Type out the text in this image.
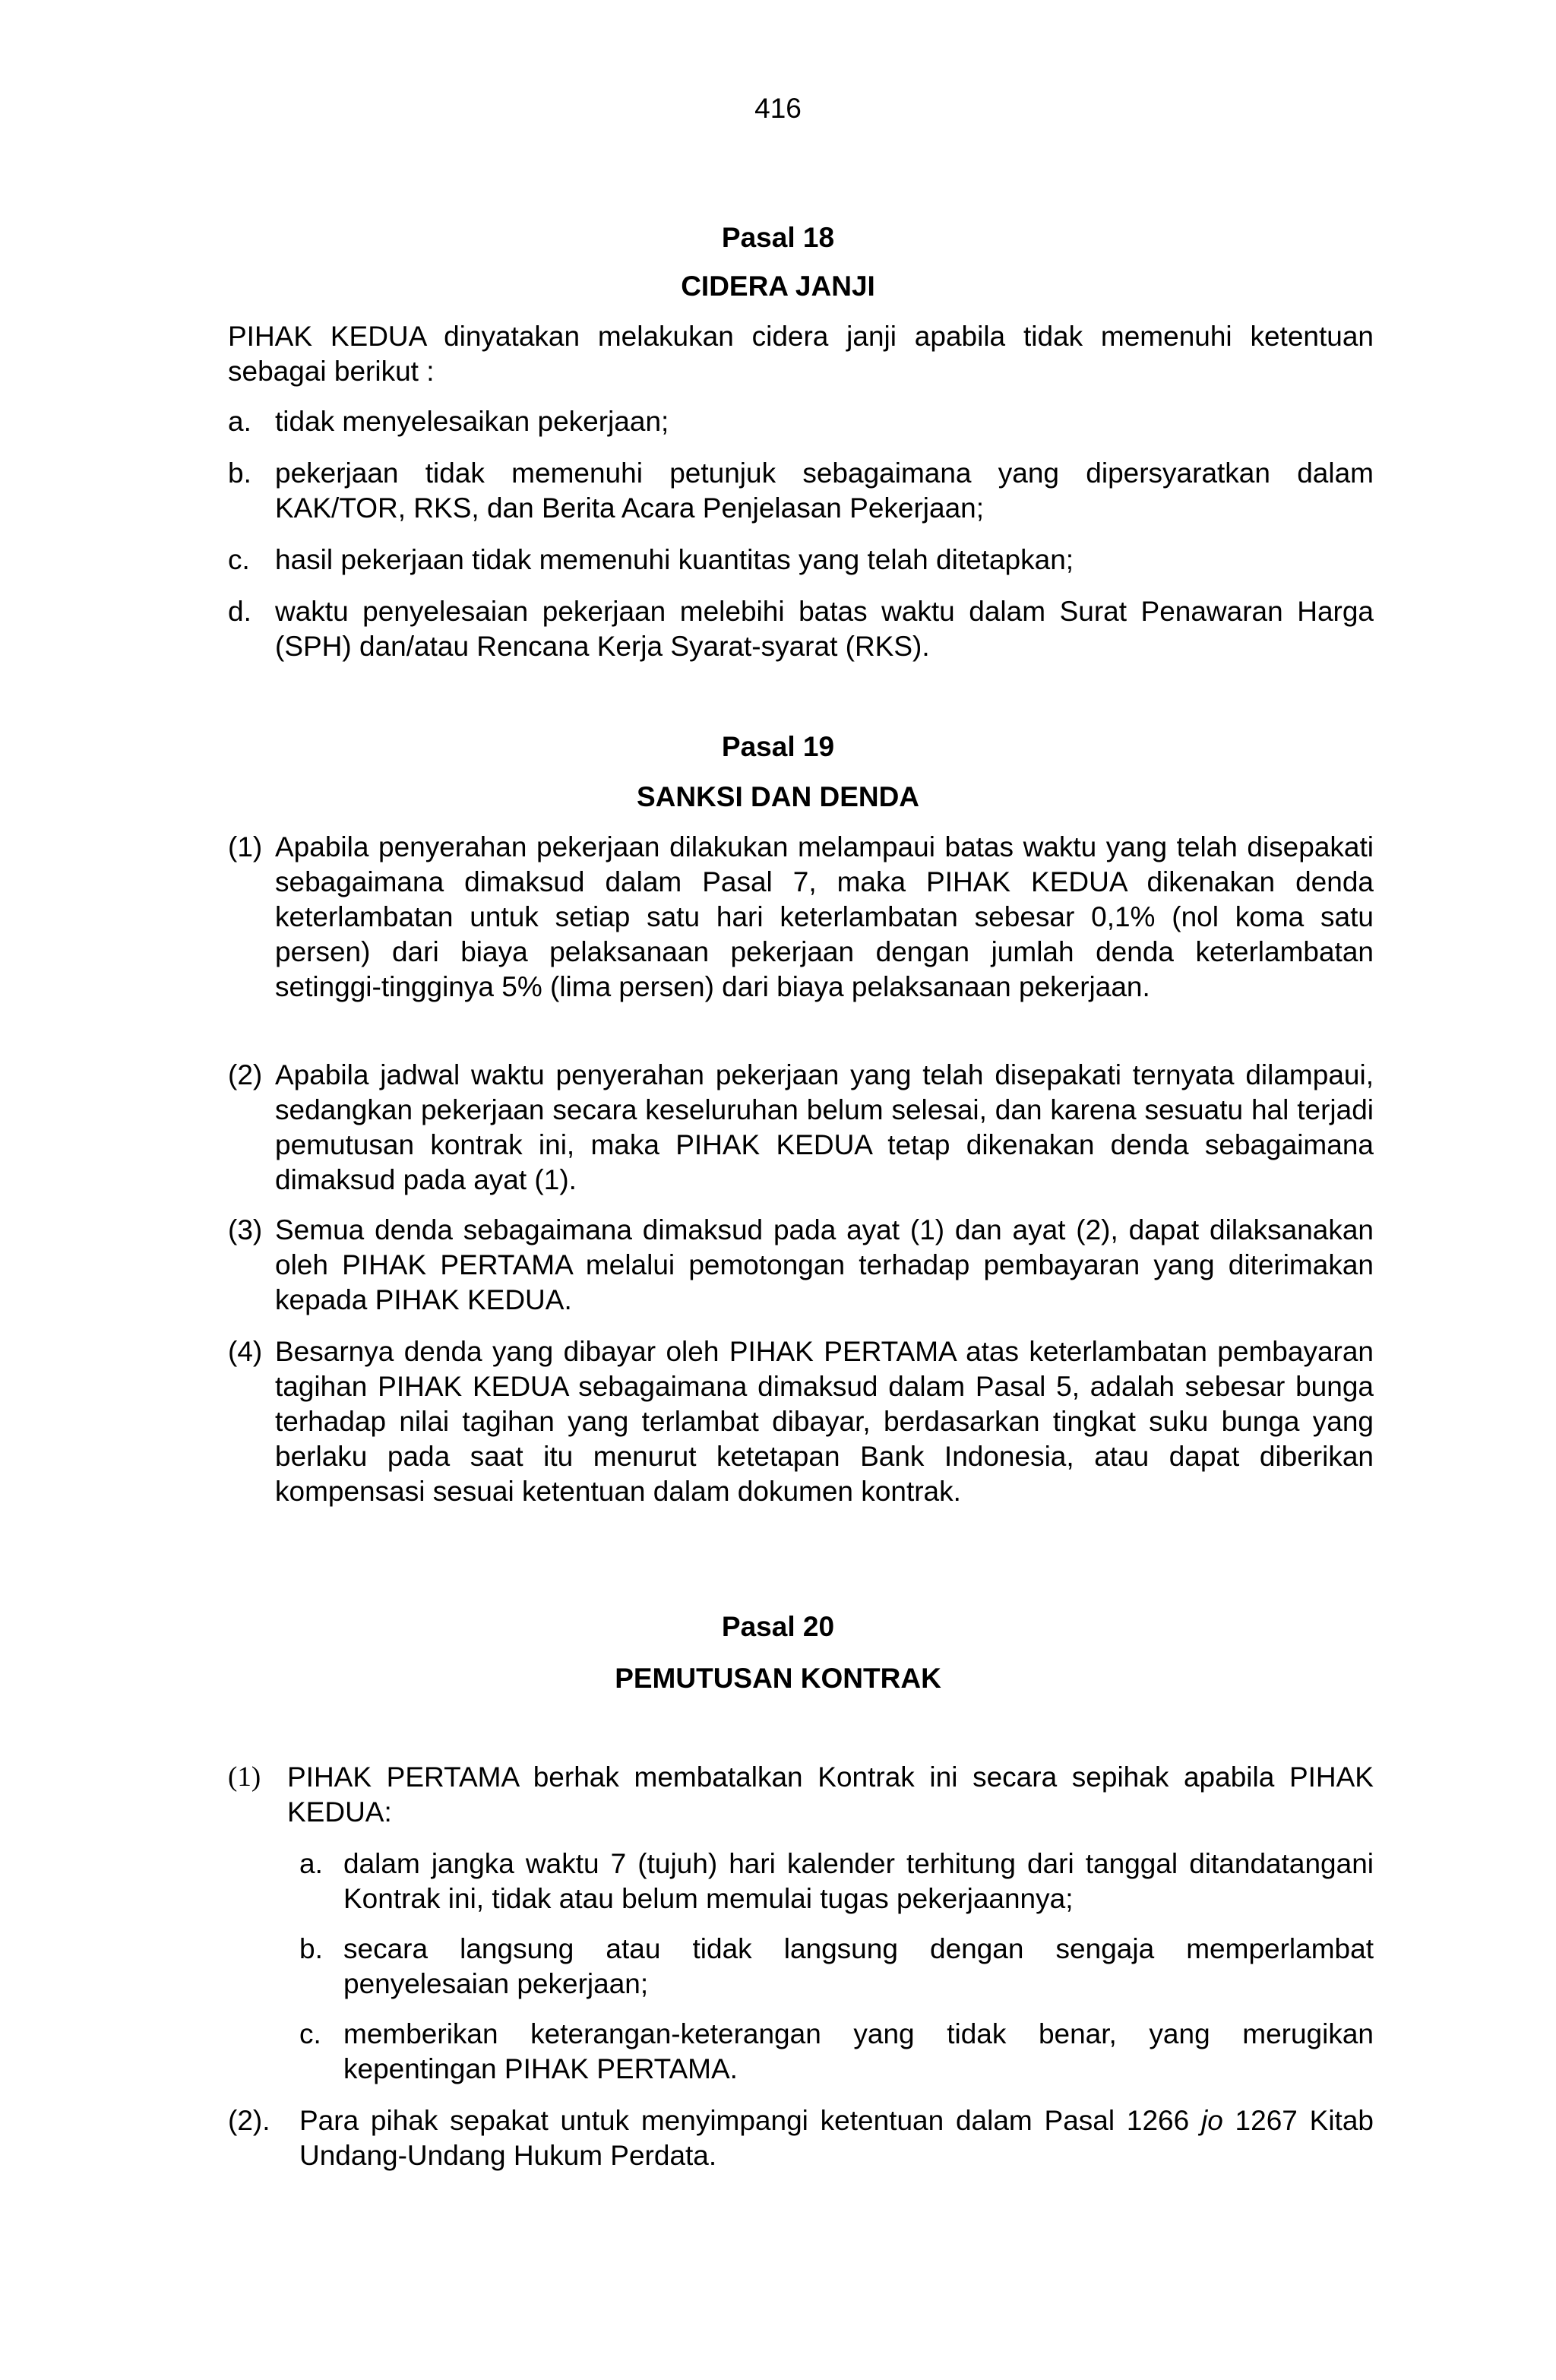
416
Pasal 18
CIDERA JANJI
PIHAK KEDUA dinyatakan melakukan cidera janji apabila tidak memenuhi ketentuan sebagai berikut :
a. tidak menyelesaikan pekerjaan;
b. pekerjaan tidak memenuhi petunjuk sebagaimana yang dipersyaratkan dalam KAK/TOR, RKS, dan Berita Acara Penjelasan Pekerjaan;
c. hasil pekerjaan tidak memenuhi kuantitas yang telah ditetapkan;
d. waktu penyelesaian pekerjaan melebihi batas waktu dalam Surat Penawaran Harga (SPH) dan/atau Rencana Kerja Syarat-syarat (RKS).
Pasal 19
SANKSI DAN DENDA
(1) Apabila penyerahan pekerjaan dilakukan melampaui batas waktu yang telah disepakati sebagaimana dimaksud dalam Pasal 7, maka PIHAK KEDUA dikenakan denda keterlambatan untuk setiap satu hari keterlambatan sebesar 0,1% (nol koma satu persen) dari biaya pelaksanaan pekerjaan dengan jumlah denda keterlambatan setinggi-tingginya 5% (lima persen) dari biaya pelaksanaan pekerjaan.
(2) Apabila jadwal waktu penyerahan pekerjaan yang telah disepakati ternyata dilampaui, sedangkan pekerjaan secara keseluruhan belum selesai, dan karena sesuatu hal terjadi pemutusan kontrak ini, maka PIHAK KEDUA tetap dikenakan denda sebagaimana dimaksud pada ayat (1).
(3) Semua denda sebagaimana dimaksud pada ayat (1) dan ayat (2), dapat dilaksanakan oleh PIHAK PERTAMA melalui pemotongan terhadap pembayaran yang diterimakan kepada PIHAK KEDUA.
(4) Besarnya denda yang dibayar oleh PIHAK PERTAMA atas keterlambatan pembayaran tagihan PIHAK KEDUA sebagaimana dimaksud dalam Pasal 5, adalah sebesar bunga terhadap nilai tagihan yang terlambat dibayar, berdasarkan tingkat suku bunga yang berlaku pada saat itu menurut ketetapan Bank Indonesia, atau dapat diberikan kompensasi sesuai ketentuan dalam dokumen kontrak.
Pasal 20
PEMUTUSAN KONTRAK
(1) PIHAK PERTAMA berhak membatalkan Kontrak ini secara sepihak apabila PIHAK KEDUA:
a. dalam jangka waktu 7 (tujuh) hari kalender terhitung dari tanggal ditandatangani Kontrak ini, tidak atau belum memulai tugas pekerjaannya;
b. secara langsung atau tidak langsung dengan sengaja memperlambat penyelesaian pekerjaan;
c. memberikan keterangan-keterangan yang tidak benar, yang merugikan kepentingan PIHAK PERTAMA.
(2). Para pihak sepakat untuk menyimpangi ketentuan dalam Pasal 1266 jo 1267 Kitab Undang-Undang Hukum Perdata.
